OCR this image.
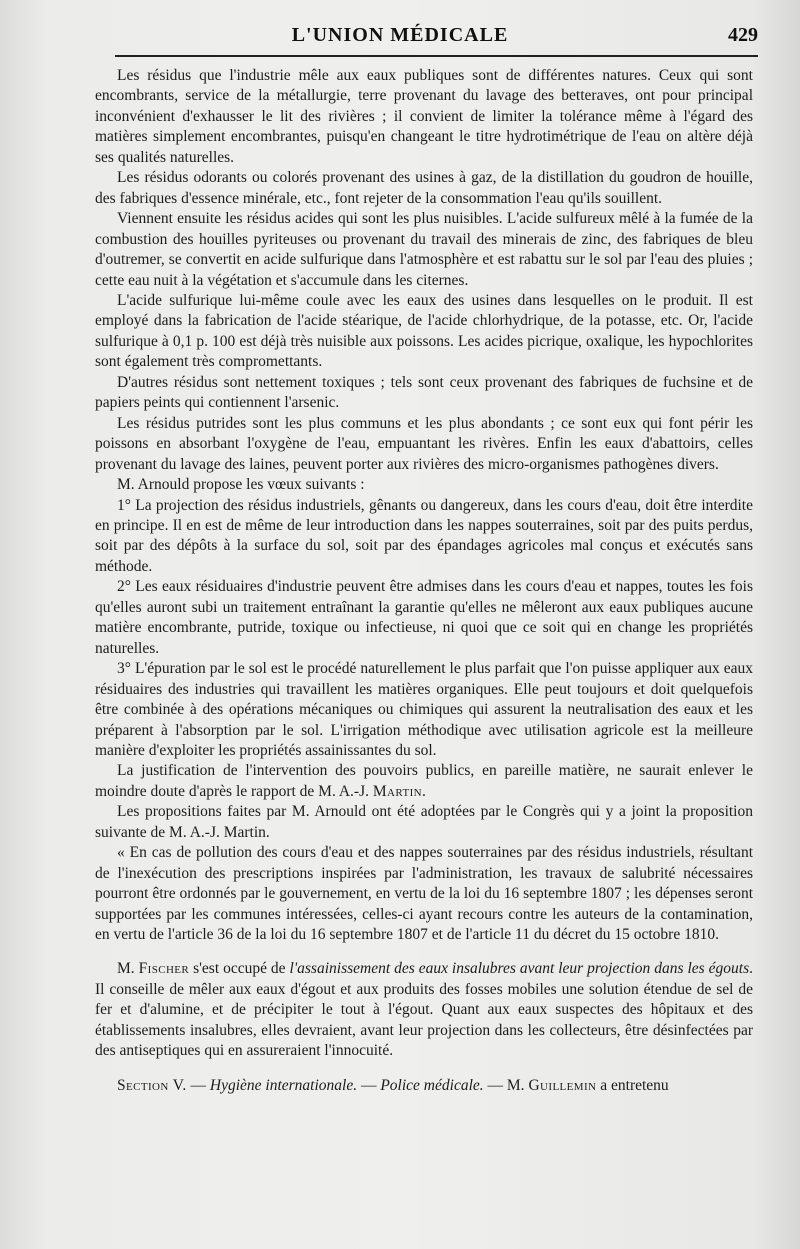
L'UNION MÉDICALE	429

Les résidus que l'industrie mêle aux eaux publiques sont de différentes natures. Ceux qui sont encombrants, service de la métallurgie, terre provenant du lavage des betteraves, ont pour principal inconvénient d'exhausser le lit des rivières ; il convient de limiter la tolérance même à l'égard des matières simplement encombrantes, puisqu'en changeant le titre hydrotimétrique de l'eau on altère déjà ses qualités naturelles.

Les résidus odorants ou colorés provenant des usines à gaz, de la distillation du goudron de houille, des fabriques d'essence minérale, etc., font rejeter de la consommation l'eau qu'ils souillent.

Viennent ensuite les résidus acides qui sont les plus nuisibles. L'acide sulfureux mêlé à la fumée de la combustion des houilles pyriteuses ou provenant du travail des minerais de zinc, des fabriques de bleu d'outremer, se convertit en acide sulfurique dans l'atmosphère et est rabattu sur le sol par l'eau des pluies ; cette eau nuit à la végétation et s'accumule dans les citernes.

L'acide sulfurique lui-même coule avec les eaux des usines dans lesquelles on le produit. Il est employé dans la fabrication de l'acide stéarique, de l'acide chlorhydrique, de la potasse, etc. Or, l'acide sulfurique à 0,1 p. 100 est déjà très nuisible aux poissons. Les acides picrique, oxalique, les hypochlorites sont également très compromettants.

D'autres résidus sont nettement toxiques ; tels sont ceux provenant des fabriques de fuchsine et de papiers peints qui contiennent l'arsenic.

Les résidus putrides sont les plus communs et les plus abondants ; ce sont eux qui font périr les poissons en absorbant l'oxygène de l'eau, empuantant les rivères. Enfin les eaux d'abattoirs, celles provenant du lavage des laines, peuvent porter aux rivières des micro-organismes pathogènes divers.

M. Arnould propose les vœux suivants :

1° La projection des résidus industriels, gênants ou dangereux, dans les cours d'eau, doit être interdite en principe. Il en est de même de leur introduction dans les nappes souterraines, soit par des puits perdus, soit par des dépôts à la surface du sol, soit par des épandages agricoles mal conçus et exécutés sans méthode.

2° Les eaux résiduaires d'industrie peuvent être admises dans les cours d'eau et nappes, toutes les fois qu'elles auront subi un traitement entraînant la garantie qu'elles ne mêleront aux eaux publiques aucune matière encombrante, putride, toxique ou infectieuse, ni quoi que ce soit qui en change les propriétés naturelles.

3° L'épuration par le sol est le procédé naturellement le plus parfait que l'on puisse appliquer aux eaux résiduaires des industries qui travaillent les matières organiques. Elle peut toujours et doit quelquefois être combinée à des opérations mécaniques ou chimiques qui assurent la neutralisation des eaux et les préparent à l'absorption par le sol. L'irrigation méthodique avec utilisation agricole est la meilleure manière d'exploiter les propriétés assainissantes du sol.

La justification de l'intervention des pouvoirs publics, en pareille matière, ne saurait enlever le moindre doute d'après le rapport de M. A.-J. Martin.

Les propositions faites par M. Arnould ont été adoptées par le Congrès qui y a joint la proposition suivante de M. A.-J. Martin.

« En cas de pollution des cours d'eau et des nappes souterraines par des résidus industriels, résultant de l'inexécution des prescriptions inspirées par l'administration, les travaux de salubrité nécessaires pourront être ordonnés par le gouvernement, en vertu de la loi du 16 septembre 1807 ; les dépenses seront supportées par les communes intéressées, celles-ci ayant recours contre les auteurs de la contamination, en vertu de l'article 36 de la loi du 16 septembre 1807 et de l'article 11 du décret du 15 octobre 1810.

M. Fischer s'est occupé de l'assainissement des eaux insalubres avant leur projection dans les égouts. Il conseille de mêler aux eaux d'égout et aux produits des fosses mobiles une solution étendue de sel de fer et d'alumine, et de précipiter le tout à l'égout. Quant aux eaux suspectes des hôpitaux et des établissements insalubres, elles devraient, avant leur projection dans les collecteurs, être désinfectées par des antiseptiques qui en assureraient l'innocuité.

Section V. — Hygiène internationale. — Police médicale. — M. Guillemin a entretenu
